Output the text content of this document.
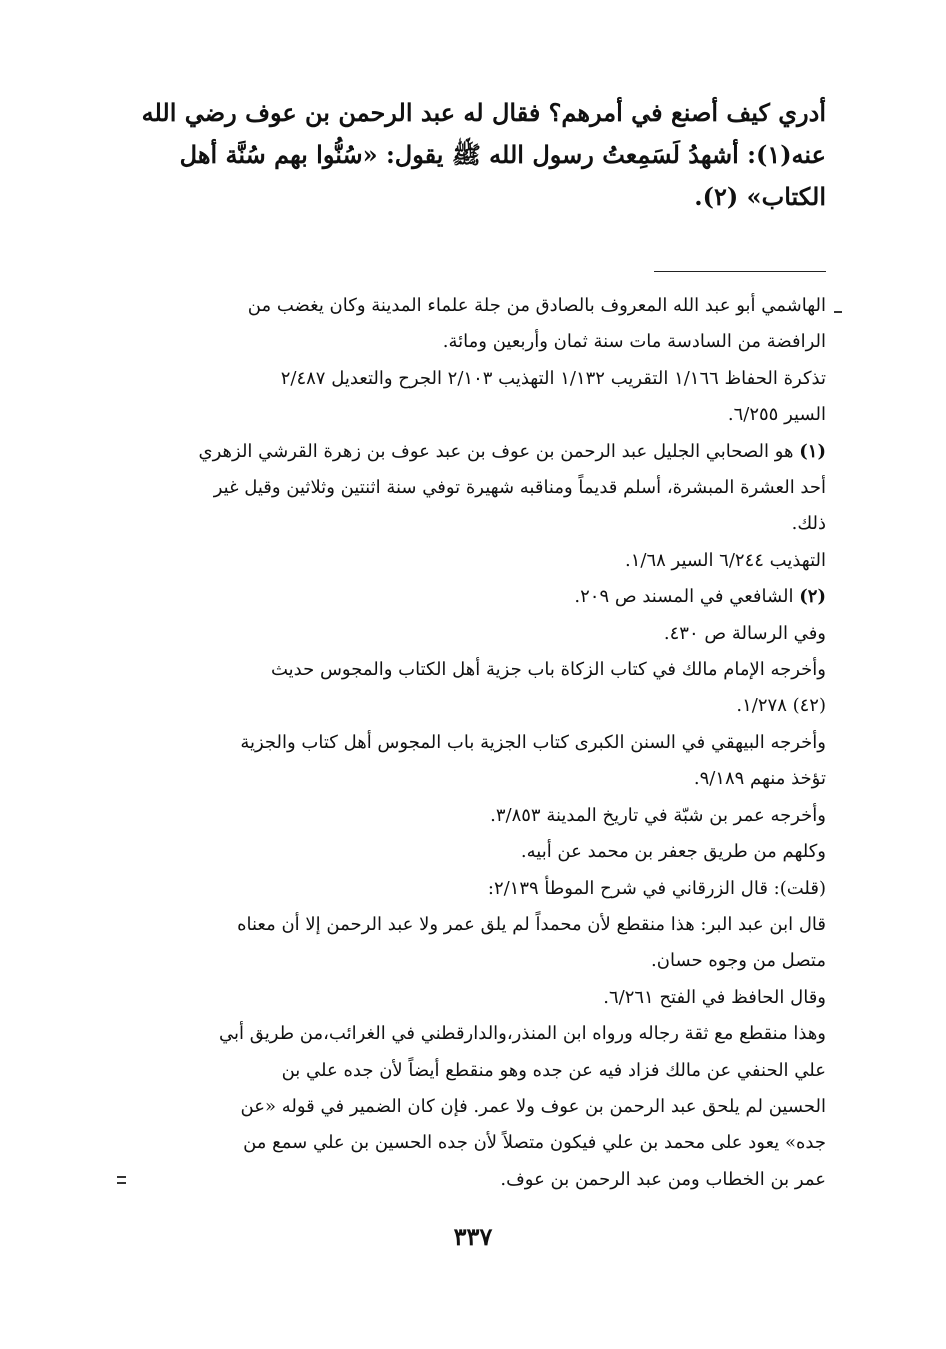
أدري كيف أصنع في أمرهم؟ فقال له عبد الرحمن بن عوف رضي الله

عنه(١): أشهدُ لَسَمِعتُ رسول الله ﷺ يقول: «سُنُّوا بهم سُنَّة أهل

الكتاب» (٢).

الهاشمي أبو عبد الله المعروف بالصادق من جلة علماء المدينة وكان يغضب من

الرافضة من السادسة مات سنة ثمان وأربعين ومائة.

تذكرة الحفاظ ١/١٦٦ التقريب ١/١٣٢ التهذيب ٢/١٠٣ الجرح والتعديل ٢/٤٨٧

السير ٦/٢٥٥.

(١) هو الصحابي الجليل عبد الرحمن بن عوف بن عبد عوف بن زهرة القرشي الزهري

أحد العشرة المبشرة، أسلم قديماً ومناقبه شهيرة توفي سنة اثنتين وثلاثين وقيل غير

ذلك.

التهذيب ٦/٢٤٤ السير ١/٦٨.

(٢) الشافعي في المسند ص ٢٠٩.

وفي الرسالة ص ٤٣٠.

وأخرجه الإمام مالك في كتاب الزكاة باب جزية أهل الكتاب والمجوس حديث

(٤٢) ١/٢٧٨.

وأخرجه البيهقي في السنن الكبرى كتاب الجزية باب المجوس أهل كتاب والجزية

تؤخذ منهم ٩/١٨٩.

وأخرجه عمر بن شبّة في تاريخ المدينة ٣/٨٥٣.

وكلهم من طريق جعفر بن محمد عن أبيه.

(قلت): قال الزرقاني في شرح الموطأ ٢/١٣٩:

قال ابن عبد البر: هذا منقطع لأن محمداً لم يلق عمر ولا عبد الرحمن إلا أن معناه

متصل من وجوه حسان.

وقال الحافظ في الفتح ٦/٢٦١.

وهذا منقطع مع ثقة رجاله ورواه ابن المنذر،والدارقطني في الغرائب،من طريق أبي

علي الحنفي عن مالك فزاد فيه عن جده وهو منقطع أيضاً لأن جده علي بن

الحسين لم يلحق عبد الرحمن بن عوف ولا عمر. فإن كان الضمير في قوله «عن

جده» يعود على محمد بن علي فيكون متصلاً لأن جده الحسين بن علي سمع من

عمر بن الخطاب ومن عبد الرحمن بن عوف.

٣٣٧
